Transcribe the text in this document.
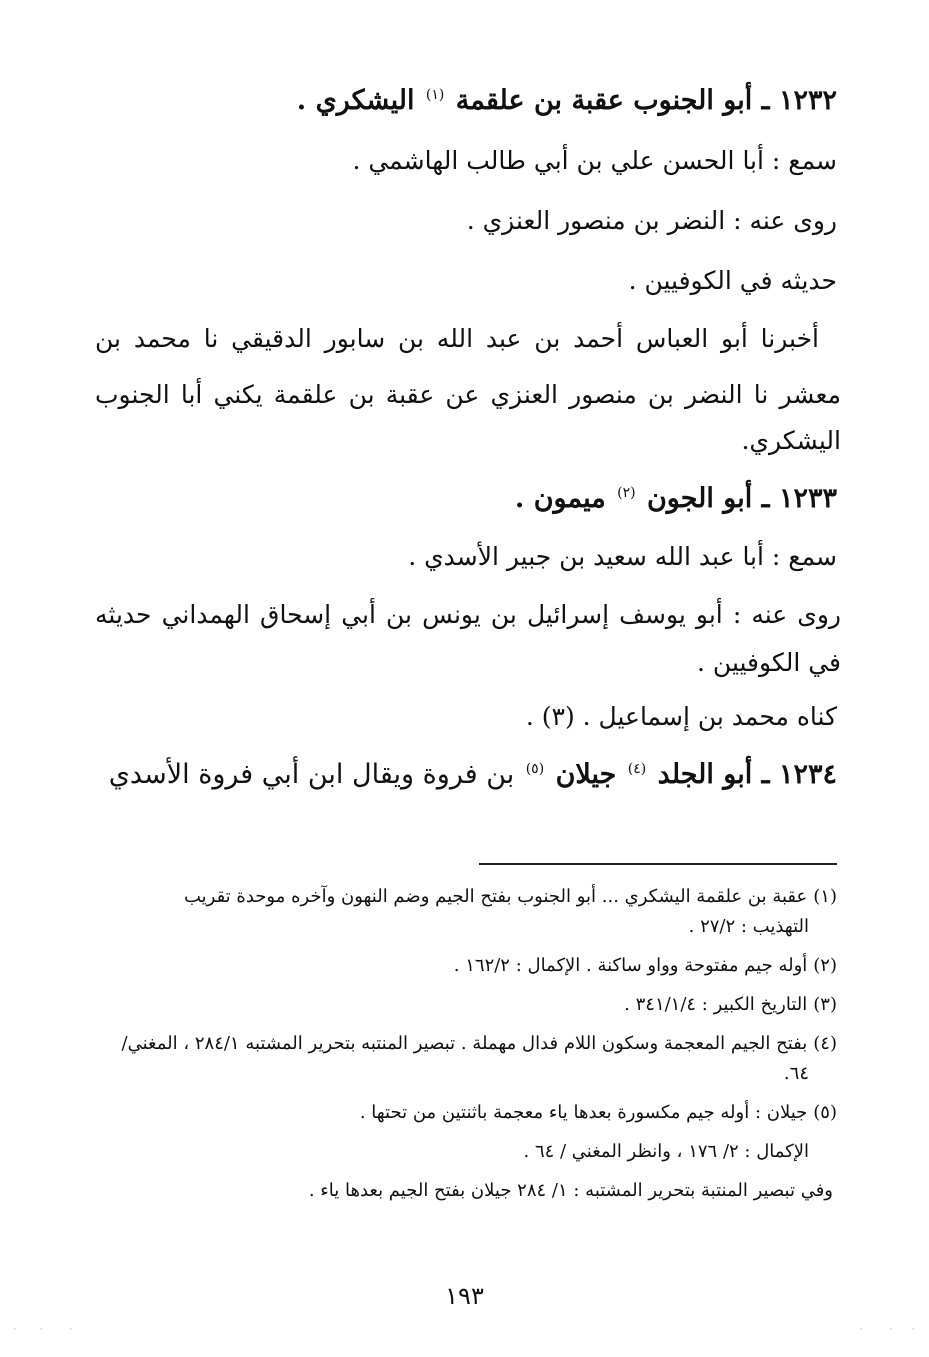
١٢٣٢ ـ أبو الجنوب عقبة بن علقمة $^{(١)}$ اليشكري .

سمع : أبا الحسن علي بن أبي طالب الهاشمي .

روى عنه : النضر بن منصور العنزي .

حديثه في الكوفيين .

أخبرنا أبو العباس أحمد بن عبد الله بن سابور الدقيقي نا محمد بن

معشر نا النضر بن منصور العنزي عن عقبة بن علقمة يكني أبا الجنوب

اليشكري.

١٢٣٣ ـ أبو الجون $^{(٢)}$ ميمون .

سمع : أبا عبد الله سعيد بن جبير الأسدي .

روى عنه : أبو يوسف إسرائيل بن يونس بن أبي إسحاق الهمداني حديثه

في الكوفيين .

كناه محمد بن إسماعيل . (٣) .

١٢٣٤ ـ أبو الجلد $^{(٤)}$ جيلان $^{(٥)}$ بن فروة ويقال ابن أبي فروة الأسدي

(١)عقبة بن علقمة اليشكري ... أبو الجنوب بفتح الجيم وضم النهون وآخره موحدة تقريب
التهذيب : ٢٧/٢ .

(٢)أوله جيم مفتوحة وواو ساكنة . الإكمال : ١٦٢/٢ .

(٣)التاريخ الكبير : ٣٤١/١/٤ .

(٤)بفتح الجيم المعجمة وسكون اللام فدال مهملة . تبصير المنتبه بتحرير المشتبه ٢٨٤/١ ، المغني/
٦٤.

(٥)جيلان : أوله جيم مكسورة بعدها ياء معجمة باثنتين من تحتها .

الإكمال : ٢/ ١٧٦ ، وانظر المغني / ٦٤ .

وفي تبصير المنتبة بتحرير المشتبه : ١/ ٢٨٤ جيلان بفتح الجيم بعدها ياء .

١٩٣
